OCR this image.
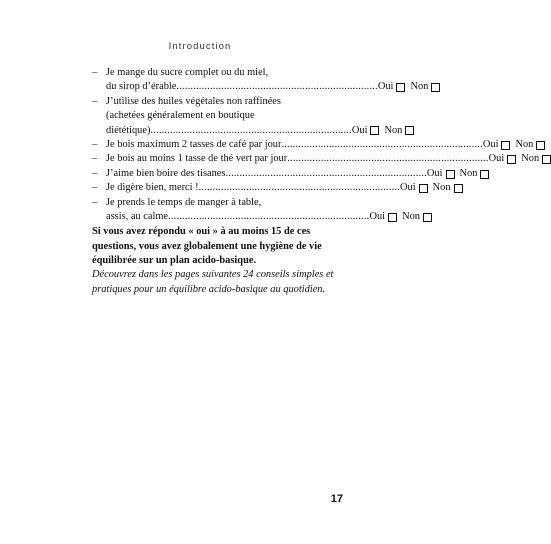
Introduction
– Je mange du sucre complet ou du miel,
du sirop d’érable ........................................................................ Oui Non
– J’utilise des huiles végétales non raffinées
(achetées généralement en boutique
diététique) ........................................................................ Oui Non
– Je bois maximum 2 tasses de café par jour ........................................................................ Oui Non
– Je bois au moins 1 tasse de thé vert par jour ........................................................................ Oui Non
– J’aime bien boire des tisanes ........................................................................ Oui Non
– Je digère bien, merci ! ........................................................................ Oui Non
– Je prends le temps de manger à table,
assis, au calme ........................................................................ Oui Non

Si vous avez répondu « oui » à au moins 15 de ces questions, vous avez globalement une hygiène de vie équilibrée sur un plan acido-basique.

Découvrez dans les pages suivantes 24 conseils simples et pratiques pour un équilibre acido-basique au quotidien.

17
